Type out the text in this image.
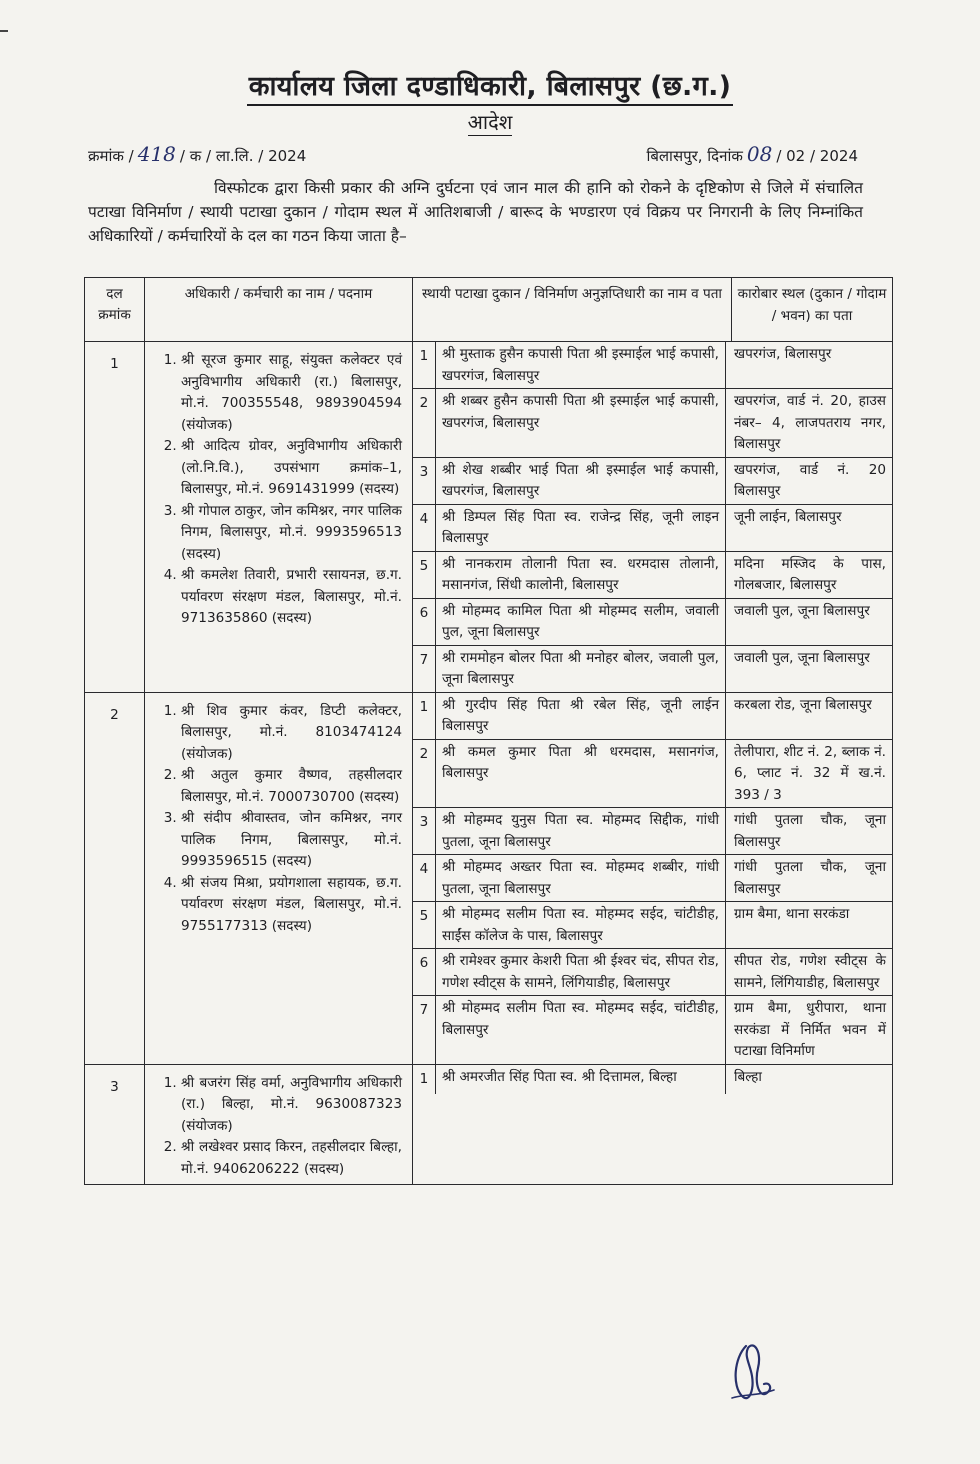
कार्यालय जिला दण्डाधिकारी, बिलासपुर (छ.ग.)
आदेश
क्रमांक / 418 / क / ला.लि. / 2024	बिलासपुर, दिनांक 08 / 02 / 2024
विस्फोटक द्वारा किसी प्रकार की अग्नि दुर्घटना एवं जान माल की हानि को रोकने के दृष्टिकोण से जिले में संचालित पटाखा विनिर्माण / स्थायी पटाखा दुकान / गोदाम स्थल में आतिशबाजी / बारूद के भण्डारण एवं विक्रय पर निगरानी के लिए निम्नांकित अधिकारियों / कर्मचारियों के दल का गठन किया जाता है–
दल क्रमांक	अधिकारी / कर्मचारी का नाम / पदनाम		स्थायी पटाखा दुकान / विनिर्माण अनुज्ञप्तिधारी का नाम व पता	कारोबार स्थल (दुकान / गोदाम / भवन) का पता

1	
1.श्री सूरज कुमार साहू, संयुक्त कलेक्टर एवं अनुविभागीय अधिकारी (रा.) बिलासपुर, मो.नं. 700355548, 9893904594 (संयोजक)
2. श्री आदित्य ग्रोवर, अनुविभागीय अधिकारी (लो.नि.वि.), उपसंभाग क्रमांक–1, बिलासपुर, मो.नं. 9691431999 (सदस्य)
3. श्री गोपाल ठाकुर, जोन कमिश्नर, नगर पालिक निगम, बिलासपुर, मो.नं. 9993596513 (सदस्य)
4. श्री कमलेश तिवारी, प्रभारी रसायनज्ञ, छ.ग. पर्यावरण संरक्षण मंडल, बिलासपुर, मो.नं. 9713635860 (सदस्य)

1	श्री मुस्ताक हुसैन कपासी पिता श्री इस्माईल भाई कपासी, खपरगंज, बिलासपुर	खपरगंज, बिलासपुर
2	श्री शब्बर हुसैन कपासी पिता श्री इस्माईल भाई कपासी, खपरगंज, बिलासपुर	खपरगंज, वार्ड नं. 20, हाउस नंबर– 4, लाजपतराय नगर, बिलासपुर
3	श्री शेख शब्बीर भाई पिता श्री इस्माईल भाई कपासी, खपरगंज, बिलासपुर	खपरगंज, वार्ड नं. 20 बिलासपुर
4	श्री डिम्पल सिंह पिता स्व. राजेन्द्र सिंह, जूनी लाइन बिलासपुर	जूनी लाईन, बिलासपुर
5	श्री नानकराम तोलानी पिता स्व. धरमदास तोलानी, मसानगंज, सिंधी कालोनी, बिलासपुर	मदिना मस्जिद के पास, गोलबजार, बिलासपुर
6	श्री मोहम्मद कामिल पिता श्री मोहम्मद सलीम, जवाली पुल, जूना बिलासपुर	जवाली पुल, जूना बिलासपुर
7	श्री राममोहन बोलर पिता श्री मनोहर बोलर, जवाली पुल, जूना बिलासपुर	जवाली पुल, जूना बिलासपुर

2	
1.श्री शिव कुमार कंवर, डिप्टी कलेक्टर, बिलासपुर, मो.नं. 8103474124 (संयोजक)
2. श्री अतुल कुमार वैष्णव, तहसीलदार बिलासपुर, मो.नं. 7000730700 (सदस्य)
3. श्री संदीप श्रीवास्तव, जोन कमिश्नर, नगर पालिक निगम, बिलासपुर, मो.नं. 9993596515 (सदस्य)
4. श्री संजय मिश्रा, प्रयोगशाला सहायक, छ.ग. पर्यावरण संरक्षण मंडल, बिलासपुर, मो.नं. 9755177313 (सदस्य)

1	श्री गुरदीप सिंह पिता श्री रबेल सिंह, जूनी लाईन बिलासपुर	करबला रोड, जूना बिलासपुर
2	श्री कमल कुमार पिता श्री धरमदास, मसानगंज, बिलासपुर	तेलीपारा, शीट नं. 2, ब्लाक नं. 6, प्लाट नं. 32 में ख.नं. 393 / 3
3	श्री मोहम्मद युनुस पिता स्व. मोहम्मद सिद्दीक, गांधी पुतला, जूना बिलासपुर	गांधी पुतला चौक, जूना बिलासपुर
4	श्री मोहम्मद अख्तर पिता स्व. मोहम्मद शब्बीर, गांधी पुतला, जूना बिलासपुर	गांधी पुतला चौक, जूना बिलासपुर
5	श्री मोहम्मद सलीम पिता स्व. मोहम्मद सईद, चांटीडीह, साईंस कॉलेज के पास, बिलासपुर	ग्राम बैमा, थाना सरकंडा
6	श्री रामेश्वर कुमार केशरी पिता श्री ईश्वर चंद, सीपत रोड, गणेश स्वीट्स के सामने, लिंगियाडीह, बिलासपुर	सीपत रोड, गणेश स्वीट्स के सामने, लिंगियाडीह, बिलासपुर
7	श्री मोहम्मद सलीम पिता स्व. मोहम्मद सईद, चांटीडीह, बिलासपुर	ग्राम बैमा, धुरीपारा, थाना सरकंडा में निर्मित भवन में पटाखा विनिर्माण

3	
1.श्री बजरंग सिंह वर्मा, अनुविभागीय अधिकारी (रा.) बिल्हा, मो.नं. 9630087323 (संयोजक)
2. श्री लखेश्वर प्रसाद किरन, तहसीलदार बिल्हा, मो.नं. 9406206222 (सदस्य)

1	श्री अमरजीत सिंह पिता स्व. श्री दित्तामल, बिल्हा	बिल्हा
